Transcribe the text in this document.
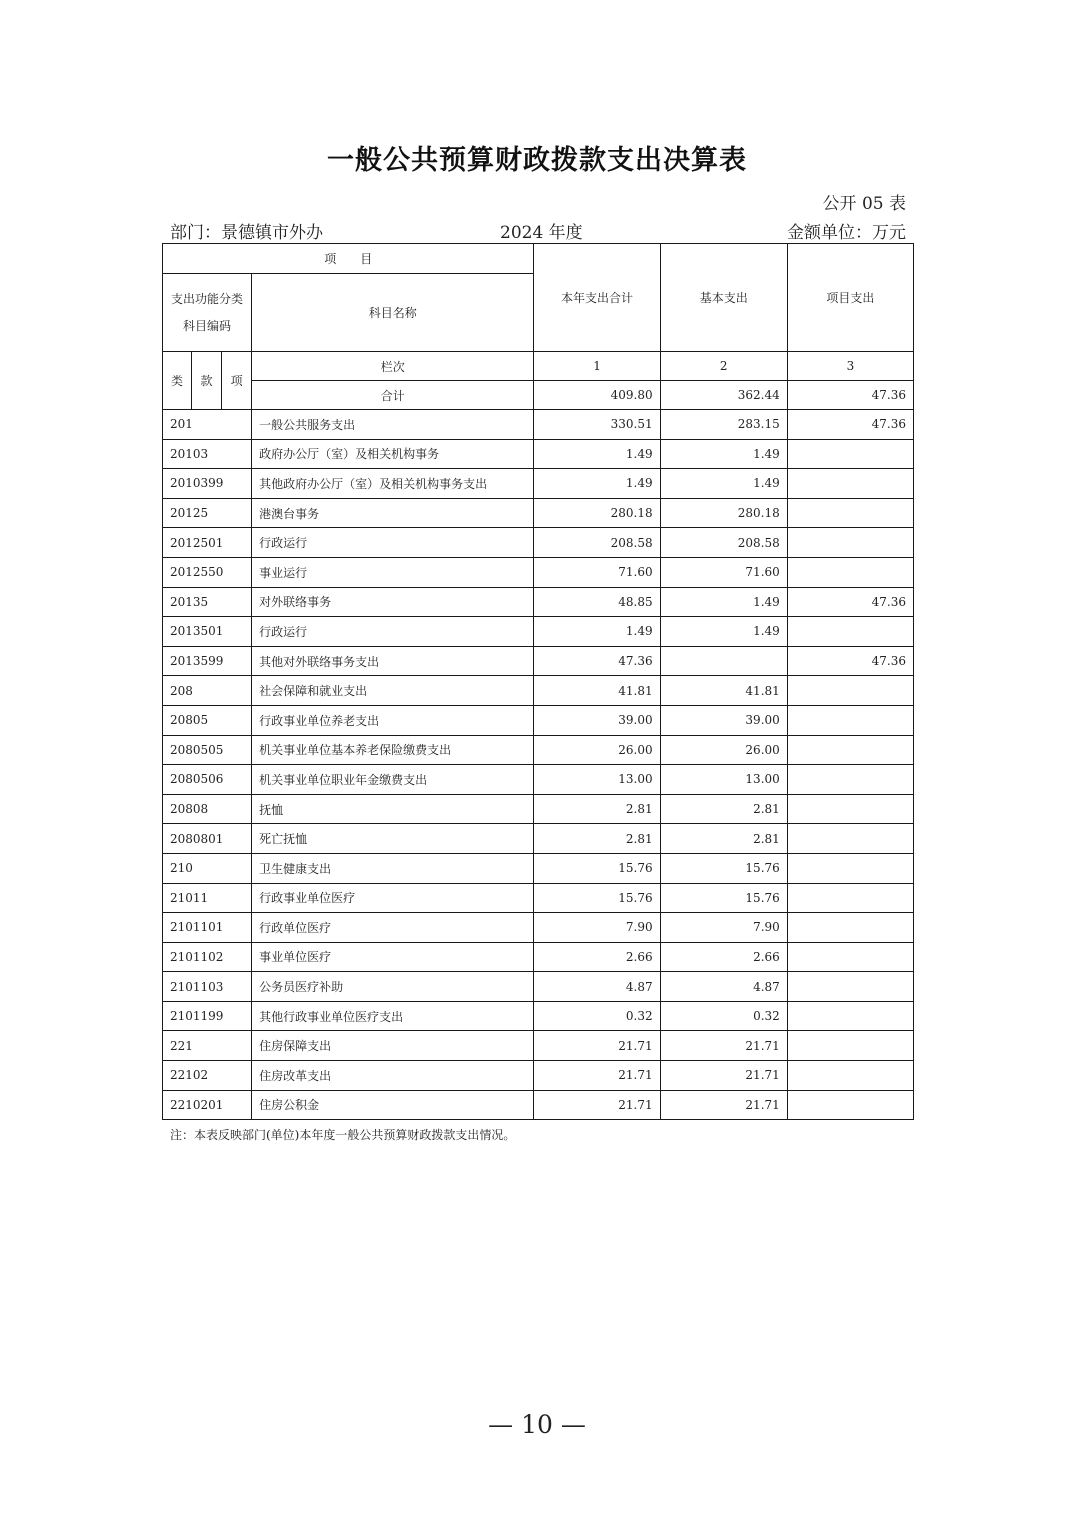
一般公共预算财政拨款支出决算表
公开 05 表
部门：景德镇市外办	2024 年度	金额单位：万元
项　　目				本年支出合计	基本支出	项目支出
支出功能分类
科目编码			科目名称			
类	款	项	栏次	1	2	3
			合计	409.80	362.44	47.36
201			一般公共服务支出	330.51	283.15	47.36
20103			政府办公厅（室）及相关机构事务	1.49	1.49	
2010399			其他政府办公厅（室）及相关机构事务支出	1.49	1.49	
20125			港澳台事务	280.18	280.18	
2012501			行政运行	208.58	208.58	
2012550			事业运行	71.60	71.60	
20135			对外联络事务	48.85	1.49	47.36
2013501			行政运行	1.49	1.49	
2013599			其他对外联络事务支出	47.36		47.36
208			社会保障和就业支出	41.81	41.81	
20805			行政事业单位养老支出	39.00	39.00	
2080505			机关事业单位基本养老保险缴费支出	26.00	26.00	
2080506			机关事业单位职业年金缴费支出	13.00	13.00	
20808			抚恤	2.81	2.81	
2080801			死亡抚恤	2.81	2.81	
210			卫生健康支出	15.76	15.76	
21011			行政事业单位医疗	15.76	15.76	
2101101			行政单位医疗	7.90	7.90	
2101102			事业单位医疗	2.66	2.66	
2101103			公务员医疗补助	4.87	4.87	
2101199			其他行政事业单位医疗支出	0.32	0.32	
221			住房保障支出	21.71	21.71	
22102			住房改革支出	21.71	21.71	
2210201			住房公积金	21.71	21.71	
注：本表反映部门(单位)本年度一般公共预算财政拨款支出情况。
— 10 —
